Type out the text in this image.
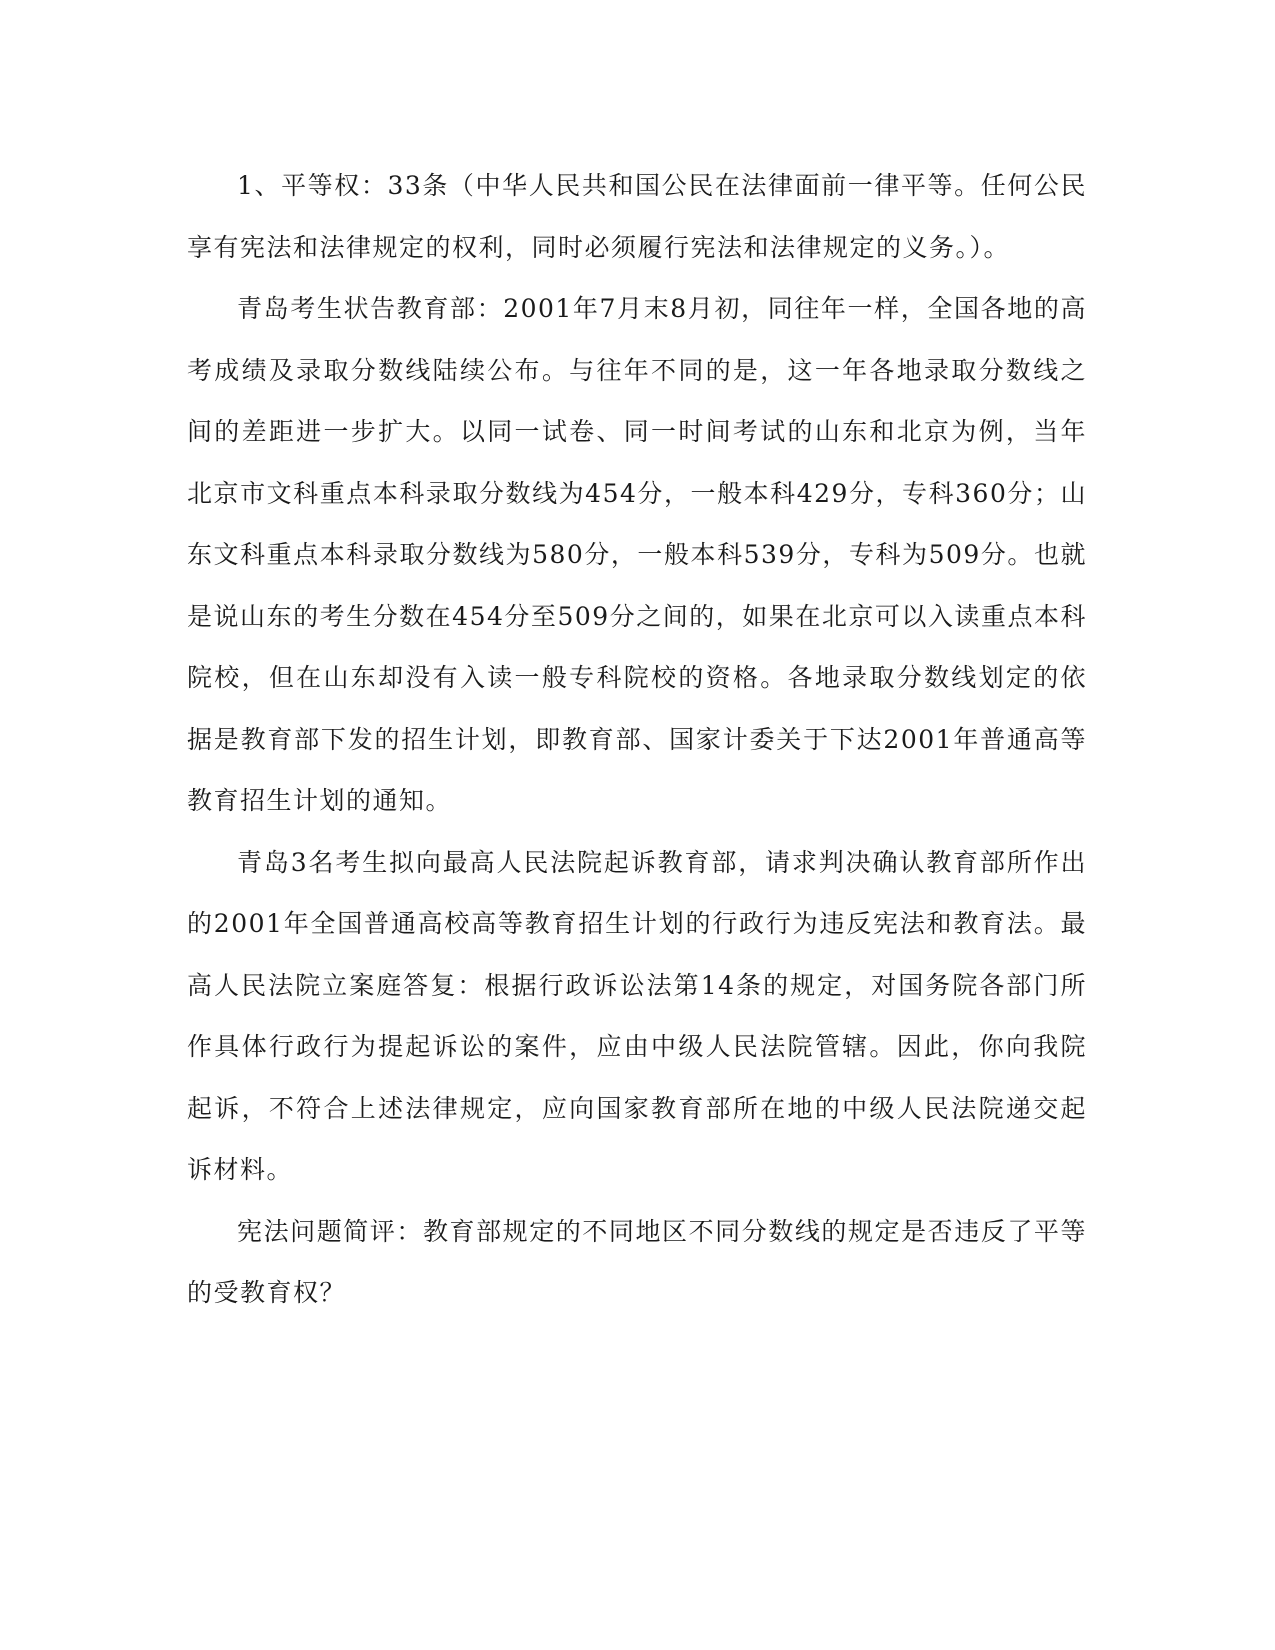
1、平等权：33条（中华人民共和国公民在法律面前一律平等。任何公民享有宪法和法律规定的权利，同时必须履行宪法和法律规定的义务。）。

青岛考生状告教育部：2001年7月末8月初，同往年一样，全国各地的高考成绩及录取分数线陆续公布。与往年不同的是，这一年各地录取分数线之间的差距进一步扩大。以同一试卷、同一时间考试的山东和北京为例，当年北京市文科重点本科录取分数线为454分，一般本科429分，专科360分；山东文科重点本科录取分数线为580分，一般本科539分，专科为509分。也就是说山东的考生分数在454分至509分之间的，如果在北京可以入读重点本科院校，但在山东却没有入读一般专科院校的资格。各地录取分数线划定的依据是教育部下发的招生计划，即教育部、国家计委关于下达2001年普通高等教育招生计划的通知。

青岛3名考生拟向最高人民法院起诉教育部，请求判决确认教育部所作出的2001年全国普通高校高等教育招生计划的行政行为违反宪法和教育法。最高人民法院立案庭答复：根据行政诉讼法第14条的规定，对国务院各部门所作具体行政行为提起诉讼的案件，应由中级人民法院管辖。因此，你向我院起诉，不符合上述法律规定，应向国家教育部所在地的中级人民法院递交起诉材料。

宪法问题简评：教育部规定的不同地区不同分数线的规定是否违反了平等的受教育权？
